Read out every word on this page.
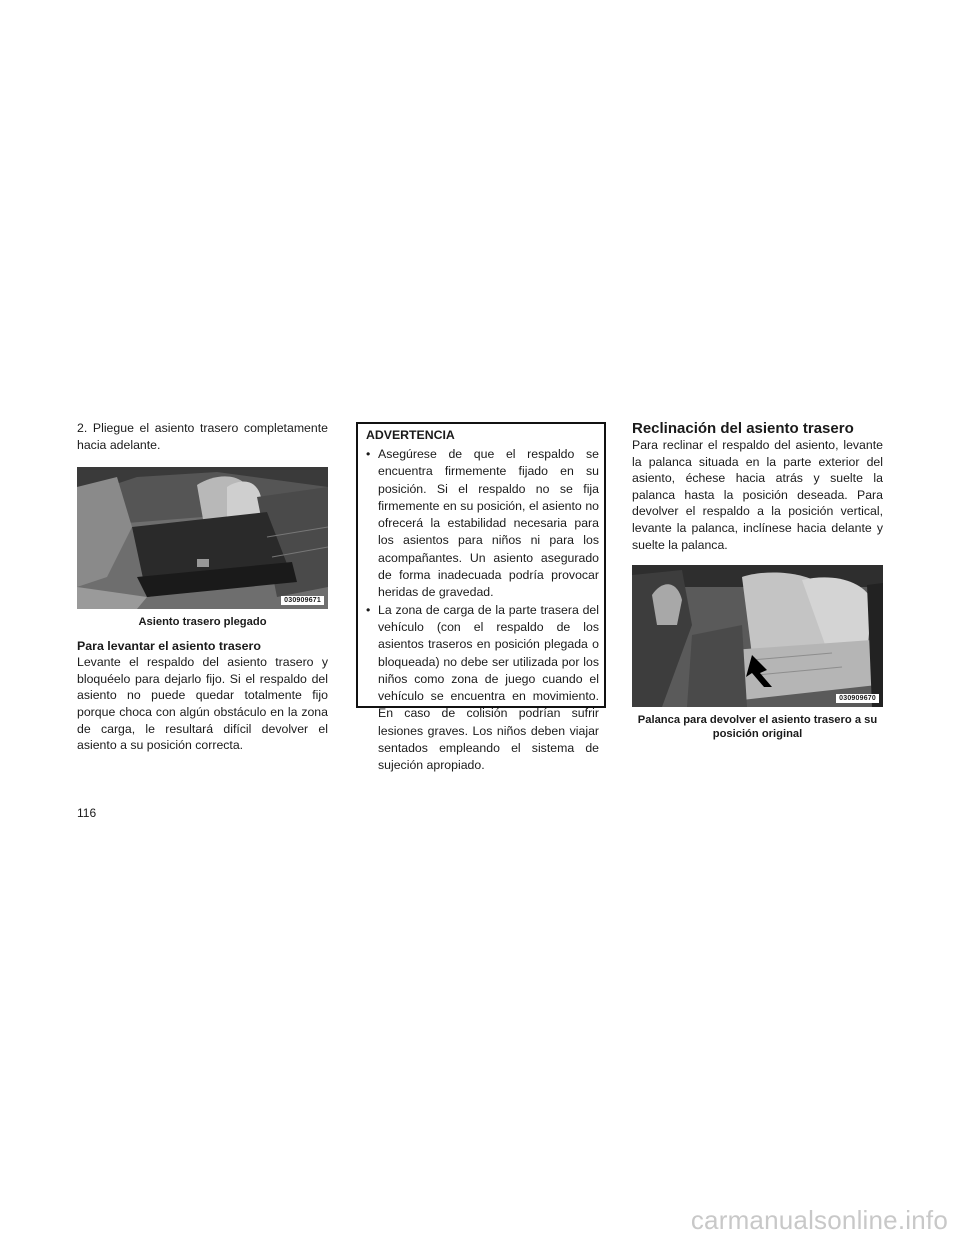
2. Pliegue el asiento trasero completamente hacia adelante.

030909671

Asiento trasero plegado

Para levantar el asiento trasero

Levante el respaldo del asiento trasero y bloquéelo para dejarlo fijo. Si el respaldo del asiento no puede quedar totalmente fijo porque choca con algún obstáculo en la zona de carga, le resultará difícil devolver el asiento a su posición correcta.

ADVERTENCIA

• Asegúrese de que el respaldo se encuentra firmemente fijado en su posición. Si el respaldo no se fija firmemente en su posición, el asiento no ofrecerá la estabilidad necesaria para los asientos para niños ni para los acompañantes. Un asiento asegurado de forma inadecuada podría provocar heridas de gravedad.
• La zona de carga de la parte trasera del vehículo (con el respaldo de los asientos traseros en posición plegada o bloqueada) no debe ser utilizada por los niños como zona de juego cuando el vehículo se encuentra en movimiento. En caso de colisión podrían sufrir lesiones graves. Los niños deben viajar sentados empleando el sistema de sujeción apropiado.

Reclinación del asiento trasero

Para reclinar el respaldo del asiento, levante la palanca situada en la parte exterior del asiento, échese hacia atrás y suelte la palanca hasta la posición deseada. Para devolver el respaldo a la posición vertical, levante la palanca, inclínese hacia delante y suelte la palanca.

030909670

Palanca para devolver el asiento trasero a su posición original

116
carmanualsonline.info
